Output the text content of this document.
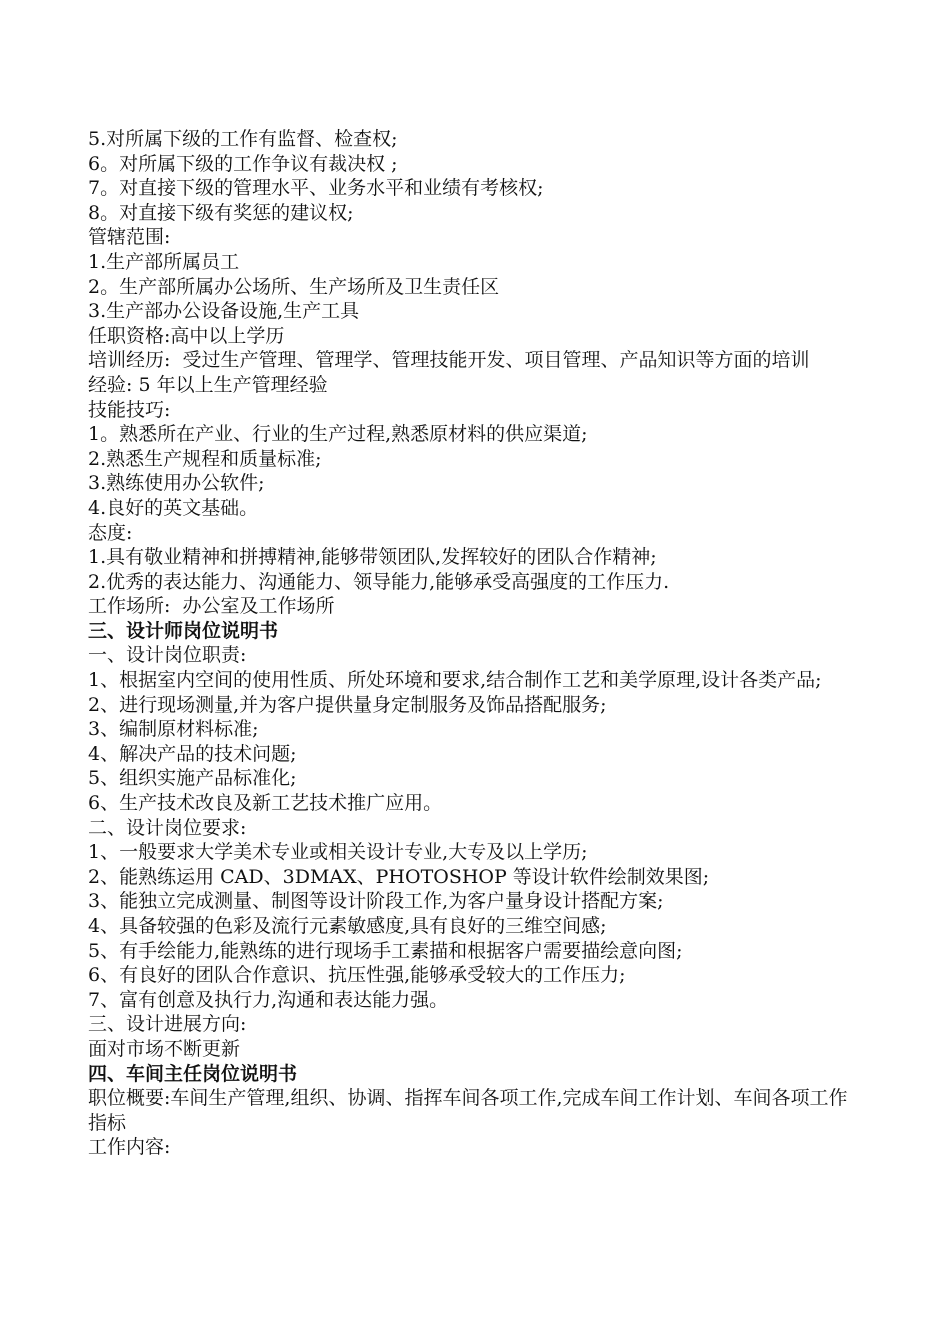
5.对所属下级的工作有监督、检查权;

6。对所属下级的工作争议有裁决权 ;

7。对直接下级的管理水平、业务水平和业绩有考核权;

8。对直接下级有奖惩的建议权;

管辖范围:

1.生产部所属员工

2。生产部所属办公场所、生产场所及卫生责任区

3.生产部办公设备设施,生产工具

任职资格:高中以上学历

培训经历:  受过生产管理、管理学、管理技能开发、项目管理、产品知识等方面的培训

经验: 5 年以上生产管理经验

技能技巧:

1。熟悉所在产业、行业的生产过程,熟悉原材料的供应渠道;

2.熟悉生产规程和质量标准;

3.熟练使用办公软件;

4.良好的英文基础。

态度:

1.具有敬业精神和拼搏精神,能够带领团队,发挥较好的团队合作精神;

2.优秀的表达能力、沟通能力、领导能力,能够承受高强度的工作压力.

工作场所:  办公室及工作场所

三、设计师岗位说明书

一、设计岗位职责:

1、根据室内空间的使用性质、所处环境和要求,结合制作工艺和美学原理,设计各类产品;

2、进行现场测量,并为客户提供量身定制服务及饰品搭配服务;

3、编制原材料标准;

4、解决产品的技术问题;

5、组织实施产品标准化;

6、生产技术改良及新工艺技术推广应用。

二、设计岗位要求:

1、一般要求大学美术专业或相关设计专业,大专及以上学历;

2、能熟练运用 CAD、3DMAX、PHOTOSHOP 等设计软件绘制效果图;

3、能独立完成测量、制图等设计阶段工作,为客户量身设计搭配方案;

4、具备较强的色彩及流行元素敏感度,具有良好的三维空间感;

5、有手绘能力,能熟练的进行现场手工素描和根据客户需要描绘意向图;

6、有良好的团队合作意识、抗压性强,能够承受较大的工作压力;

7、富有创意及执行力,沟通和表达能力强。

三、设计进展方向:

面对市场不断更新

四、车间主任岗位说明书

职位概要:车间生产管理,组织、协调、指挥车间各项工作,完成车间工作计划、车间各项工作指标

工作内容:
